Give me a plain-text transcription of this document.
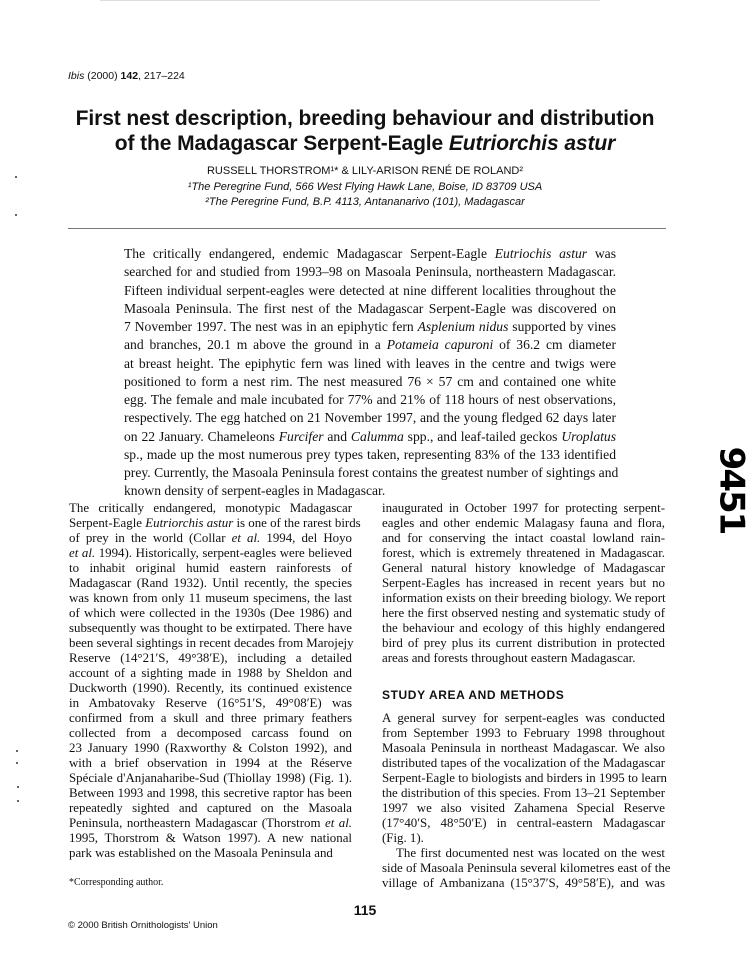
Ibis (2000) 142, 217–224
First nest description, breeding behaviour and distribution
of the Madagascar Serpent-Eagle Eutriorchis astur
RUSSELL THORSTROM¹* & LILY-ARISON RENÉ DE ROLAND²
¹The Peregrine Fund, 566 West Flying Hawk Lane, Boise, ID 83709 USA
²The Peregrine Fund, B.P. 4113, Antananarivo (101), Madagascar
The critically endangered, endemic Madagascar Serpent-Eagle Eutriochis astur was
searched for and studied from 1993–98 on Masoala Peninsula, northeastern Madagascar.
Fifteen individual serpent-eagles were detected at nine different localities throughout the
Masoala Peninsula. The first nest of the Madagascar Serpent-Eagle was discovered on
7 November 1997. The nest was in an epiphytic fern Asplenium nidus supported by vines
and branches, 20.1 m above the ground in a Potameia capuroni of 36.2 cm diameter
at breast height. The epiphytic fern was lined with leaves in the centre and twigs were
positioned to form a nest rim. The nest measured 76 × 57 cm and contained one white
egg. The female and male incubated for 77% and 21% of 118 hours of nest observations,
respectively. The egg hatched on 21 November 1997, and the young fledged 62 days later
on 22 January. Chameleons Furcifer and Calumma spp., and leaf-tailed geckos Uroplatus
sp., made up the most numerous prey types taken, representing 83% of the 133 identified
prey. Currently, the Masoala Peninsula forest contains the greatest number of sightings and
known density of serpent-eagles in Madagascar.
The critically endangered, monotypic Madagascar
Serpent-Eagle Eutriorchis astur is one of the rarest birds
of prey in the world (Collar et al. 1994, del Hoyo
et al. 1994). Historically, serpent-eagles were believed
to inhabit original humid eastern rainforests of
Madagascar (Rand 1932). Until recently, the species
was known from only 11 museum specimens, the last
of which were collected in the 1930s (Dee 1986) and
subsequently was thought to be extirpated. There have
been several sightings in recent decades from Marojejy
Reserve (14°21′S, 49°38′E), including a detailed
account of a sighting made in 1988 by Sheldon and
Duckworth (1990). Recently, its continued existence
in Ambatovaky Reserve (16°51′S, 49°08′E) was
confirmed from a skull and three primary feathers
collected from a decomposed carcass found on
23 January 1990 (Raxworthy & Colston 1992), and
with a brief observation in 1994 at the Réserve
Spéciale d'Anjanaharibe-Sud (Thiollay 1998) (Fig. 1).
Between 1993 and 1998, this secretive raptor has been
repeatedly sighted and captured on the Masoala
Peninsula, northeastern Madagascar (Thorstrom et al.
1995, Thorstrom & Watson 1997). A new national
park was established on the Masoala Peninsula and
inaugurated in October 1997 for protecting serpent-
eagles and other endemic Malagasy fauna and flora,
and for conserving the intact coastal lowland rain-
forest, which is extremely threatened in Madagascar.
General natural history knowledge of Madagascar
Serpent-Eagles has increased in recent years but no
information exists on their breeding biology. We report
here the first observed nesting and systematic study of
the behaviour and ecology of this highly endangered
bird of prey plus its current distribution in protected
areas and forests throughout eastern Madagascar.
STUDY AREA AND METHODS
A general survey for serpent-eagles was conducted
from September 1993 to February 1998 throughout
Masoala Peninsula in northeast Madagascar. We also
distributed tapes of the vocalization of the Madagascar
Serpent-Eagle to biologists and birders in 1995 to learn
the distribution of this species. From 13–21 September
1997 we also visited Zahamena Special Reserve
(17°40′S, 48°50′E) in central-eastern Madagascar
(Fig. 1).
The first documented nest was located on the west
side of Masoala Peninsula several kilometres east of the
village of Ambanizana (15°37′S, 49°58′E), and was
*Corresponding author.
115
© 2000 British Ornithologists' Union
9451
